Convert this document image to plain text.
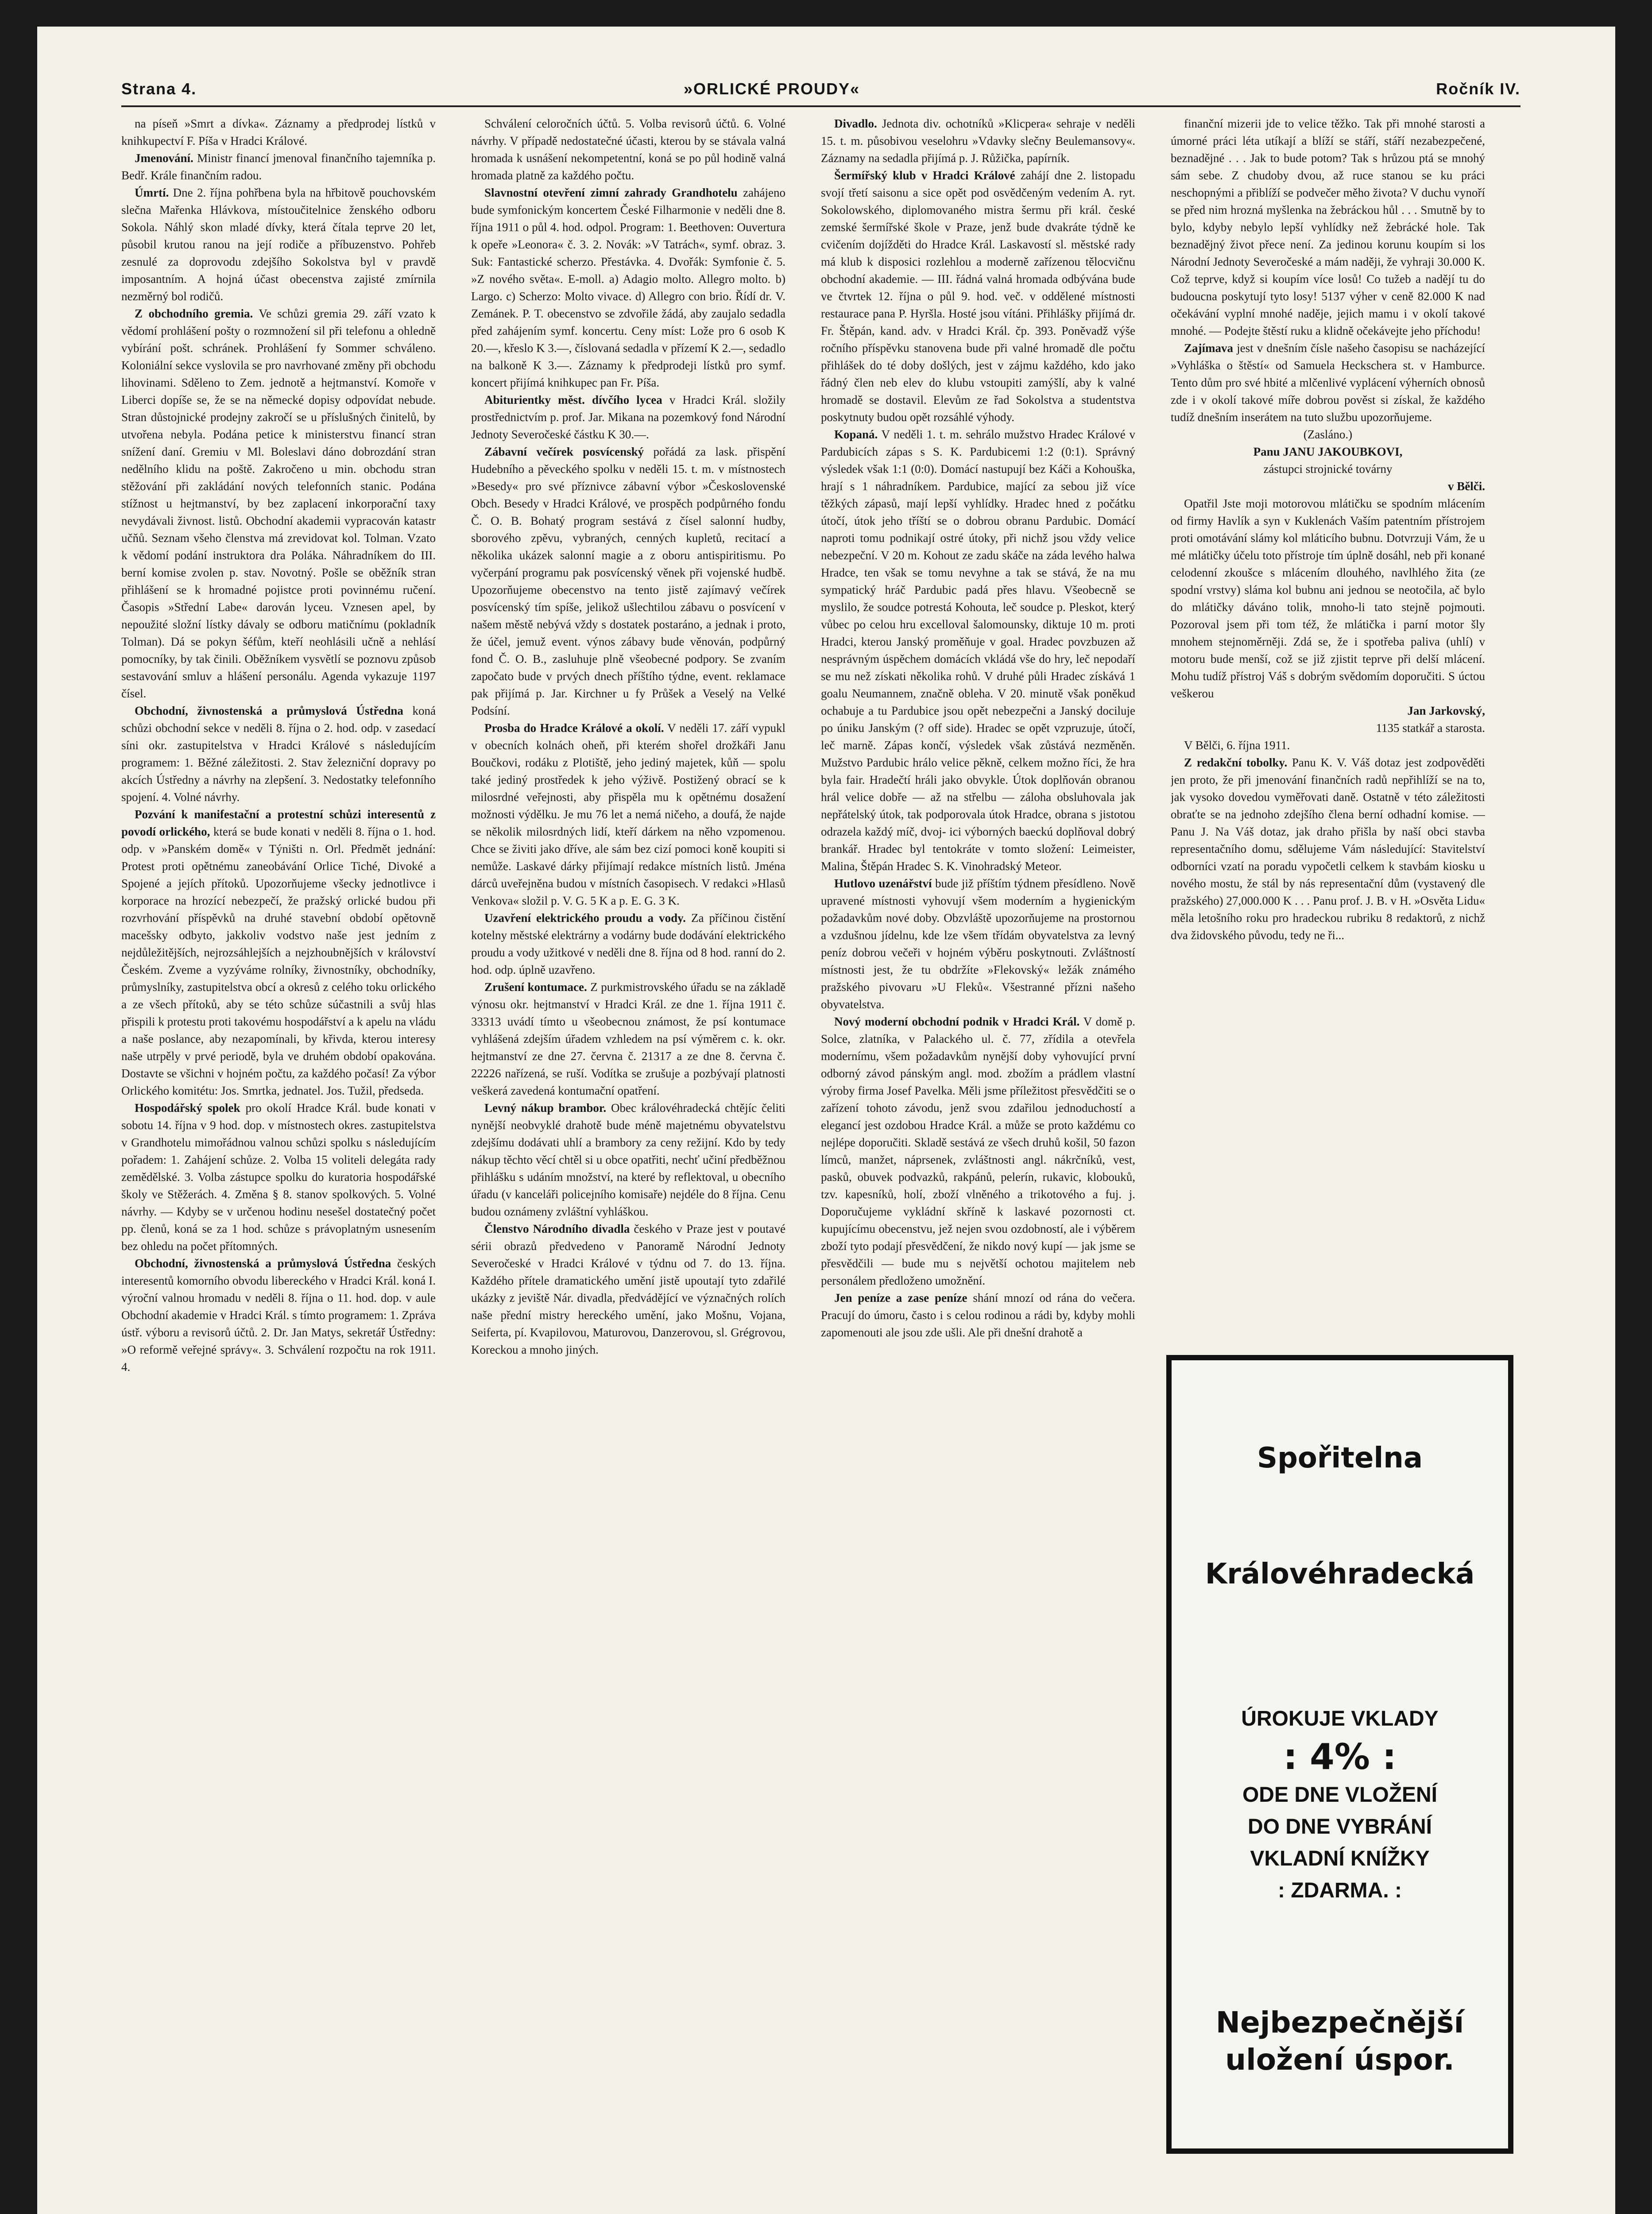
Strana 4.	»ORLICKÉ PROUDY«	Ročník IV.

na píseň »Smrt a dívka«. Záznamy a předprodej lístků v knihkupectví F. Píša v Hradci Králové.

Jmenování. Ministr financí jmenoval finančního tajemníka p. Bedř. Krále finančním radou.

Úmrtí. Dne 2. října pohřbena byla na hřbitově pouchovském slečna Mařenka Hlávkova, místoučitelnice ženského odboru Sokola. Náhlý skon mladé dívky, která čítala teprve 20 let, působil krutou ranou na její rodiče a příbuzenstvo. Pohřeb zesnulé za doprovodu zdejšího Sokolstva byl v pravdě imposantním. A hojná účast obecenstva zajisté zmírnila nezměrný bol rodičů.

Z obchodního gremia. Ve schůzi gremia 29. září vzato k vědomí prohlášení pošty o rozmnožení sil při telefonu a ohledně vybírání pošt. schránek. Prohlášení fy Sommer schváleno. Koloniální sekce vyslovila se pro navrhované změny při obchodu lihovinami. Sděleno to Zem. jednotě a hejtmanství. Komoře v Liberci dopíše se, že se na německé dopisy odpovídat nebude. Stran důstojnické prodejny zakročí se u příslušných činitelů, by utvořena nebyla. Podána petice k ministerstvu financí stran snížení daní. Gremiu v Ml. Boleslavi dáno dobrozdání stran nedělního klidu na poště. Zakročeno u min. obchodu stran stěžování při zakládání nových telefonních stanic. Podána stížnost u hejtmanství, by bez zaplacení inkorporační taxy nevydávali živnost. listů. Obchodní akademii vypracován katastr učňů. Seznam všeho členstva má zrevidovat kol. Tolman. Vzato k vědomí podání instruktora dra Poláka. Náhradníkem do III. berní komise zvolen p. stav. Novotný. Pošle se oběžník stran přihlášení se k hromadné pojistce proti povinnému ručení. Časopis »Střední Labe« darován lyceu. Vznesen apel, by nepoužité složní lístky dávaly se odboru matičnímu (pokladník Tolman). Dá se pokyn šéfům, kteří neohlásili učně a nehlásí pomocníky, by tak činili. Oběžníkem vysvětlí se poznovu způsob sestavování smluv a hlášení personálu. Agenda vykazuje 1197 čísel.

Obchodní, živnostenská a průmyslová Ústředna koná schůzi obchodní sekce v neděli 8. října o 2. hod. odp. v zasedací síni okr. zastupitelstva v Hradci Králové s následujícím programem: 1. Běžné záležitosti. 2. Stav železniční dopravy po akcích Ústředny a návrhy na zlepšení. 3. Nedostatky telefonního spojení. 4. Volné návrhy.

Pozvání k manifestační a protestní schůzi interesentů z povodí orlického, která se bude konati v neděli 8. října o 1. hod. odp. v »Panském domě« v Týništi n. Orl. Předmět jednání: Protest proti opětnému zaneobávání Orlice Tiché, Divoké a Spojené a jejích přítoků. Upozorňujeme všecky jednotlivce i korporace na hrozící nebezpečí, že pražský orlické budou při rozvrhování příspěvků na druhé stavební období opětovně macešsky odbyto, jakkoliv vodstvo naše jest jedním z nejdůležitějších, nejrozsáhlejších a nejzhoubnějších v království Českém. Zveme a vyzýváme rolníky, živnostníky, obchodníky, průmyslníky, zastupitelstva obcí a okresů z celého toku orlického a ze všech přítoků, aby se této schůze súčastnili a svůj hlas přispili k protestu proti takovému hospodářství a k apelu na vládu a naše poslance, aby nezapomínali, by křivda, kterou interesy naše utrpěly v prvé periodě, byla ve druhém období opakována. Dostavte se všichni v hojném počtu, za každého počasí! Za výbor Orlického komitétu: Jos. Smrtka, jednatel. Jos. Tužil, předseda.

Hospodářský spolek pro okolí Hradce Král. bude konati v sobotu 14. října v 9 hod. dop. v místnostech okres. zastupitelstva v Grandhotelu mimořádnou valnou schůzi spolku s následujícím pořadem: 1. Zahájení schůze. 2. Volba 15 voliteli delegáta rady zemědělské. 3. Volba zástupce spolku do kuratoria hospodářské školy ve Stěžerách. 4. Změna § 8. stanov spolkových. 5. Volné návrhy. — Kdyby se v určenou hodinu nesešel dostatečný počet pp. členů, koná se za 1 hod. schůze s právoplatným usnesením bez ohledu na počet přítomných.

Obchodní, živnostenská a průmyslová Ústředna českých interesentů komorního obvodu libereckého v Hradci Král. koná I. výroční valnou hromadu v neděli 8. října o 11. hod. dop. v aule Obchodní akademie v Hradci Král. s tímto programem: 1. Zpráva ústř. výboru a revisorů účtů. 2. Dr. Jan Matys, sekretář Ústředny: »O reformě veřejné správy«. 3. Schválení rozpočtu na rok 1911. 4.

Schválení celoročních účtů. 5. Volba revisorů účtů. 6. Volné návrhy. V případě nedostatečné účasti, kterou by se stávala valná hromada k usnášení nekompetentní, koná se po půl hodině valná hromada platně za každého počtu.

Slavnostní otevření zimní zahrady Grandhotelu zahájeno bude symfonickým koncertem České Filharmonie v neděli dne 8. října 1911 o půl 4. hod. odpol. Program: 1. Beethoven: Ouvertura k opeře »Leonora« č. 3. 2. Novák: »V Tatrách«, symf. obraz. 3. Suk: Fantastické scherzo. Přestávka. 4. Dvořák: Symfonie č. 5. »Z nového světa«. E-moll. a) Adagio molto. Allegro molto. b) Largo. c) Scherzo: Molto vivace. d) Allegro con brio. Řídí dr. V. Zemánek. P. T. obecenstvo se zdvořile žádá, aby zaujalo sedadla před zahájením symf. koncertu. Ceny míst: Lože pro 6 osob K 20.—, křeslo K 3.—, číslovaná sedadla v přízemí K 2.—, sedadlo na balkoně K 3.—. Záznamy k předprodeji lístků pro symf. koncert přijímá knihkupec pan Fr. Píša.

Abiturientky měst. dívčího lycea v Hradci Král. složily prostřednictvím p. prof. Jar. Mikana na pozemkový fond Národní Jednoty Severočeské částku K 30.—.

Zábavní večírek posvícenský pořádá za lask. přispění Hudebního a pěveckého spolku v neděli 15. t. m. v místnostech »Besedy« pro své příznivce zábavní výbor »Československé Obch. Besedy v Hradci Králové, ve prospěch podpůrného fondu Č. O. B. Bohatý program sestává z čísel salonní hudby, sborového zpěvu, vybraných, cenných kupletů, recitací a několika ukázek salonní magie a z oboru antispiritismu. Po vyčerpání programu pak posvícenský věnek při vojenské hudbě. Upozorňujeme obecenstvo na tento jistě zajímavý večírek posvícenský tím spíše, jelikož ušlechtilou zábavu o posvícení v našem městě nebývá vždy s dostatek postaráno, a jednak i proto, že účel, jemuž event. výnos zábavy bude věnován, podpůrný fond Č. O. B., zasluhuje plně všeobecné podpory. Se zvaním započato bude v prvých dnech příštího týdne, event. reklamace pak přijímá p. Jar. Kirchner u fy Průšek a Veselý na Velké Podsíní.

Prosba do Hradce Králové a okolí. V neděli 17. září vypukl v obecních kolnách oheň, při kterém shořel drožkáři Janu Boučkovi, rodáku z Plotiště, jeho jediný majetek, kůň — spolu také jediný prostředek k jeho výživě. Postižený obrací se k milosrdné veřejnosti, aby přispěla mu k opětnému dosažení možnosti výdělku. Je mu 76 let a nemá ničeho, a doufá, že najde se několik milosrdných lidí, kteří dárkem na něho vzpomenou. Chce se živiti jako dříve, ale sám bez cizí pomoci koně koupiti si nemůže. Laskavé dárky přijímají redakce místních listů. Jména dárců uveřejněna budou v místních časopisech. V redakci »Hlasů Venkova« složil p. V. G. 5 K a p. E. G. 3 K.

Uzavření elektrického proudu a vody. Za příčinou čistění kotelny městské elektrárny a vodárny bude dodávání elektrického proudu a vody užitkové v neděli dne 8. října od 8 hod. ranní do 2. hod. odp. úplně uzavřeno.

Zrušení kontumace. Z purkmistrovského úřadu se na základě výnosu okr. hejtmanství v Hradci Král. ze dne 1. října 1911 č. 33313 uvádí tímto u všeobecnou známost, že psí kontumace vyhlášená zdejším úřadem vzhledem na psí výměrem c. k. okr. hejtmanství ze dne 27. června č. 21317 a ze dne 8. června č. 22226 nařízená, se ruší. Vodítka se zrušuje a pozbývají platnosti veškerá zavedená kontumační opatření.

Levný nákup brambor. Obec královéhradecká chtějíc čeliti nynější neobvyklé drahotě bude méně majetnému obyvatelstvu zdejšímu dodávati uhlí a brambory za ceny režijní. Kdo by tedy nákup těchto věcí chtěl si u obce opatřiti, nechť učiní předběžnou přihlášku s udáním množství, na které by reflektoval, u obecního úřadu (v kanceláři policejního komisaře) nejdéle do 8 října. Cenu budou oznámeny zvláštní vyhláškou.

Členstvo Národního divadla českého v Praze jest v poutavé sérii obrazů předvedeno v Panoramě Národní Jednoty Severočeské v Hradci Králové v týdnu od 7. do 13. října. Každého přítele dramatického umění jistě upoutají tyto zdařilé ukázky z jeviště Nár. divadla, předvádějící ve význačných rolích naše přední mistry hereckého umění, jako Mošnu, Vojana, Seiferta, pí. Kvapilovou, Maturovou, Danzerovou, sl. Grégrovou, Koreckou a mnoho jiných.

Divadlo. Jednota div. ochotníků »Klicpera« sehraje v neděli 15. t. m. působivou veselohru »Vdavky slečny Beulemansovy«. Záznamy na sedadla přijímá p. J. Růžička, papírník.

Šermířský klub v Hradci Králové zahájí dne 2. listopadu svojí třetí saisonu a sice opět pod osvědčeným vedením A. ryt. Sokolowského, diplomovaného mistra šermu při král. české zemské šermířské škole v Praze, jenž bude dvakráte týdně ke cvičením dojížděti do Hradce Král. Laskavostí sl. městské rady má klub k disposici rozlehlou a moderně zařízenou tělocvičnu obchodní akademie. — III. řádná valná hromada odbývána bude ve čtvrtek 12. října o půl 9. hod. več. v oddělené místnosti restaurace pana P. Hyršla. Hosté jsou vítáni. Přihlášky přijímá dr. Fr. Štěpán, kand. adv. v Hradci Král. čp. 393. Poněvadž výše ročního příspěvku stanovena bude při valné hromadě dle počtu přihlášek do té doby došlých, jest v zájmu každého, kdo jako řádný člen neb elev do klubu vstoupiti zamýšlí, aby k valné hromadě se dostavil. Elevům ze řad Sokolstva a studentstva poskytnuty budou opět rozsáhlé výhody.

Kopaná. V neděli 1. t. m. sehrálo mužstvo Hradec Králové v Pardubicích zápas s S. K. Pardubicemi 1:2 (0:1). Správný výsledek však 1:1 (0:0). Domácí nastupují bez Káči a Kohouška, hrají s 1 náhradníkem. Pardubice, mající za sebou již více těžkých zápasů, mají lepší vyhlídky. Hradec hned z počátku útočí, útok jeho tříští se o dobrou obranu Pardubic. Domácí naproti tomu podnikají ostré útoky, při nichž jsou vždy velice nebezpeční. V 20 m. Kohout ze zadu skáče na záda levého halwa Hradce, ten však se tomu nevyhne a tak se stává, že na mu sympatický hráč Pardubic padá přes hlavu. Všeobecně se myslilo, že soudce potrestá Kohouta, leč soudce p. Pleskot, který vůbec po celou hru excelloval šalomounsky, diktuje 10 m. proti Hradci, kterou Janský proměňuje v goal. Hradec povzbuzen až nesprávným úspěchem domácích vkládá vše do hry, leč nepodaří se mu než získati několika rohů. V druhé půli Hradec získává 1 goalu Neumannem, značně obleha. V 20. minutě však poněkud ochabuje a tu Pardubice jsou opět nebezpečni a Janský dociluje po úniku Janským (? off side). Hradec se opět vzpruzuje, útočí, leč marně. Zápas končí, výsledek však zůstává nezměněn. Mužstvo Pardubic hrálo velice pěkně, celkem možno říci, že hra byla fair. Hradečtí hráli jako obvykle. Útok doplňován obranou hrál velice dobře — až na střelbu — záloha obsluhovala jak nepřátelský útok, tak podporovala útok Hradce, obrana s jistotou odrazela každý míč, dvoj- ici výborných baeckú doplňoval dobrý brankář. Hradec byl tentokráte v tomto složení: Leimeister, Malina, Štěpán Hradec S. K. Vinohradský Meteor.

Hutlovo uzenářství bude již příštím týdnem přesídleno. Nově upravené místnosti vyhovují všem moderním a hygienickým požadavkům nové doby. Obzvláště upozorňujeme na prostornou a vzdušnou jídelnu, kde lze všem třídám obyvatelstva za levný peníz dobrou večeři v hojném výběru poskytnouti. Zvláštností místnosti jest, že tu obdržíte »Flekovský« ležák známého pražského pivovaru »U Fleků«. Všestranné přízni našeho obyvatelstva.

Nový moderní obchodní podnik v Hradci Král. V domě p. Solce, zlatníka, v Palackého ul. č. 77, zřídila a otevřela modernímu, všem požadavkům nynější doby vyhovující první odborný závod pánským angl. mod. zbožím a prádlem vlastní výroby firma Josef Pavelka. Měli jsme příležitost přesvědčiti se o zařízení tohoto závodu, jenž svou zdařilou jednoduchostí a elegancí jest ozdobou Hradce Král. a může se proto každému co nejlépe doporučiti. Skladě sestává ze všech druhů košil, 50 fazon límců, manžet, náprsenek, zvláštnosti angl. nákrčníků, vest, pasků, obuvek podvazků, rakpánů, pelerín, rukavic, klobouků, tzv. kapesníků, holí, zboží vlněného a trikotového a fuj. j. Doporučujeme vykládní skříně k laskavé pozornosti ct. kupujícímu obecenstvu, jež nejen svou ozdobností, ale i výběrem zboží tyto podají přesvědčení, že nikdo nový kupí — jak jsme se přesvědčili — bude mu s největší ochotou majitelem neb personálem předloženo umožnění.

Jen peníze a zase peníze shání mnozí od rána do večera. Pracují do úmoru, často i s celou rodinou a rádi by, kdyby mohli zapomenouti ale jsou zde ušli. Ale při dnešní drahotě a

finanční mizerii jde to velice těžko. Tak při mnohé starosti a úmorné práci léta utíkají a blíží se stáří, stáří nezabezpečené, beznadějné . . . Jak to bude potom? Tak s hrůzou ptá se mnohý sám sebe. Z chudoby dvou, až ruce stanou se ku práci neschopnými a přiblíží se podvečer měho života? V duchu vynoří se před nim hrozná myšlenka na žebráckou hůl . . . Smutně by to bylo, kdyby nebylo lepší vyhlídky než žebrácké hole. Tak beznadějný život přece není. Za jedinou korunu koupím si los Národní Jednoty Severočeské a mám naději, že vyhraji 30.000 K. Což teprve, když si koupím více losů! Co tužeb a nadějí tu do budoucna poskytují tyto losy! 5137 výher v ceně 82.000 K nad očekávání vyplní mnohé naděje, jejich mamu i v okolí takové mnohé. — Podejte štěstí ruku a klidně očekávejte jeho příchodu!

Zajímava jest v dnešním čísle našeho časopisu se nacházející »Vyhláška o štěstí« od Samuela Heckschera st. v Hamburce. Tento dům pro své hbité a mlčenlivé vyplácení výherních obnosů zde i v okolí takové míře dobrou pověst si získal, že každého tudíž dnešním inserátem na tuto službu upozorňujeme.

(Zasláno.)

Panu JANU JAKOUBKOVI,

zástupci strojnické továrny

v Bělči.

Opatřil Jste moji motorovou mlátičku se spodním mlácením od firmy Havlík a syn v Kuklenách Vaším patentním přístrojem proti omotávání slámy kol mláticího bubnu. Dotvrzuji Vám, že u mé mlátičky účelu toto přístroje tím úplně dosáhl, neb při konané celodenní zkoušce s mlácením dlouhého, navlhlého žita (ze spodní vrstvy) sláma kol bubnu ani jednou se neotočila, ač bylo do mlátičky dáváno tolik, mnoho-li tato stejně pojmouti. Pozoroval jsem při tom též, že mlátička i parní motor šly mnohem stejnoměrněji. Zdá se, že i spotřeba paliva (uhlí) v motoru bude menší, což se již zjistit teprve při delší mlácení. Mohu tudíž přístroj Váš s dobrým svědomím doporučiti. S úctou veškerou

Jan Jarkovský,

1135 statkář a starosta.

V Bělči, 6. října 1911.

Z redakční tobolky. Panu K. V. Váš dotaz jest zodpověděti jen proto, že při jmenování finančních radů nepřihlíží se na to, jak vysoko dovedou vyměřovati daně. Ostatně v této záležitosti obraťte se na jednoho zdejšího člena berní odhadní komise. — Panu J. Na Váš dotaz, jak draho přišla by naší obci stavba representačního domu, sdělujeme Vám následující: Stavitelství odborníci vzatí na poradu vypočetli celkem k stavbám kiosku u nového mostu, že stál by nás representační dům (vystavený dle pražského) 27,000.000 K . . . Panu prof. J. B. v H. »Osvěta Lidu« měla letošního roku pro hradeckou rubriku 8 redaktorů, z nichž dva židovského původu, tedy ne ři...

Spořitelna
Královéhradecká
ÚROKUJE VKLADY
: 4% :
ODE DNE VLOŽENÍ
DO DNE VYBRÁNÍ
VKLADNÍ KNÍŽKY
: ZDARMA. :
Nejbezpečnější
uložení úspor.
